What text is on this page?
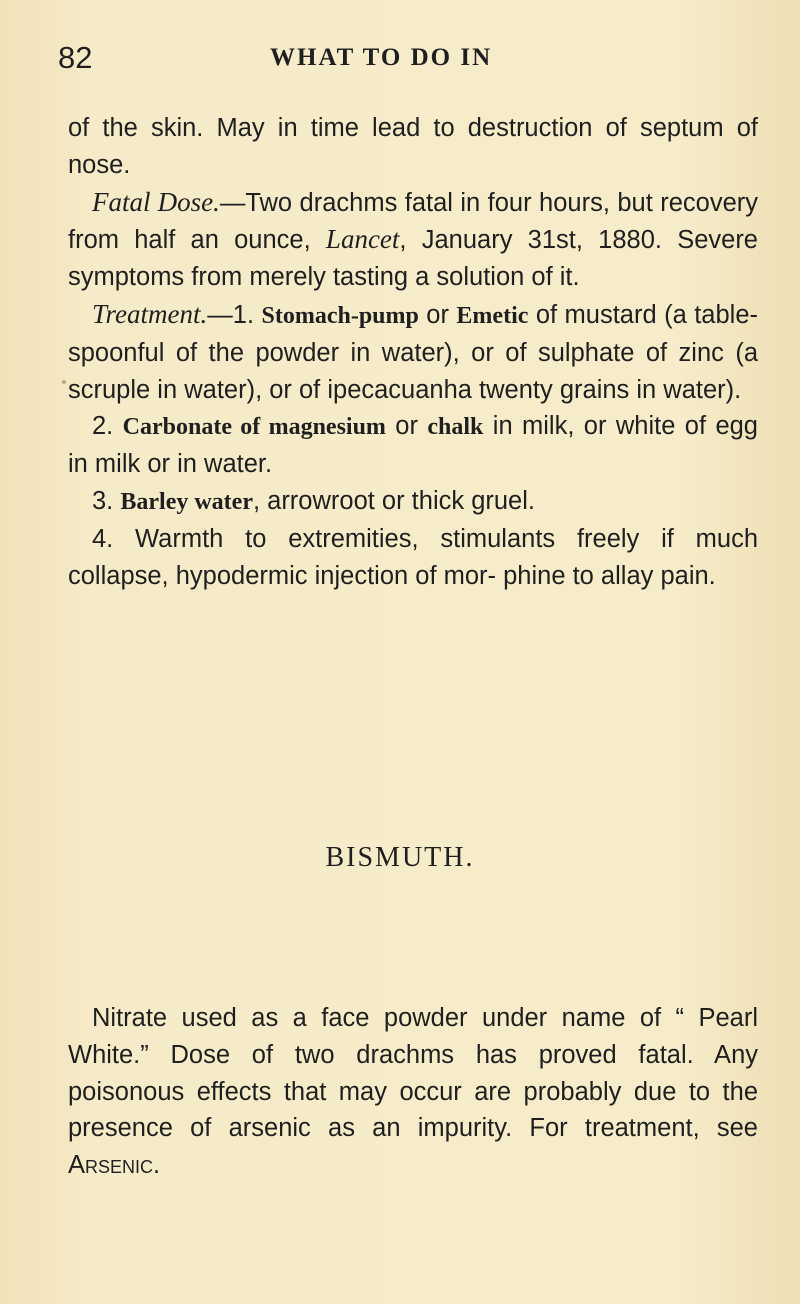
82	WHAT TO DO IN

of the skin. May in time lead to destruction of septum of nose.

Fatal Dose.—Two drachms fatal in four hours, but recovery from half an ounce, Lancet, January 31st, 1880. Severe symptoms from merely tasting a solution of it.

Treatment.—1. Stomach-pump or Emetic of mustard (a table-spoonful of the powder in water), or of sulphate of zinc (a scruple in water), or of ipecacuanha twenty grains in water).

2. Carbonate of magnesium or chalk in milk, or white of egg in milk or in water.

3. Barley water, arrowroot or thick gruel.

4. Warmth to extremities, stimulants freely if much collapse, hypodermic injection of mor- phine to allay pain.

BISMUTH.

Nitrate used as a face powder under name of “ Pearl White.” Dose of two drachms has proved fatal. Any poisonous effects that may occur are probably due to the presence of arsenic as an impurity. For treatment, see Arsenic.
